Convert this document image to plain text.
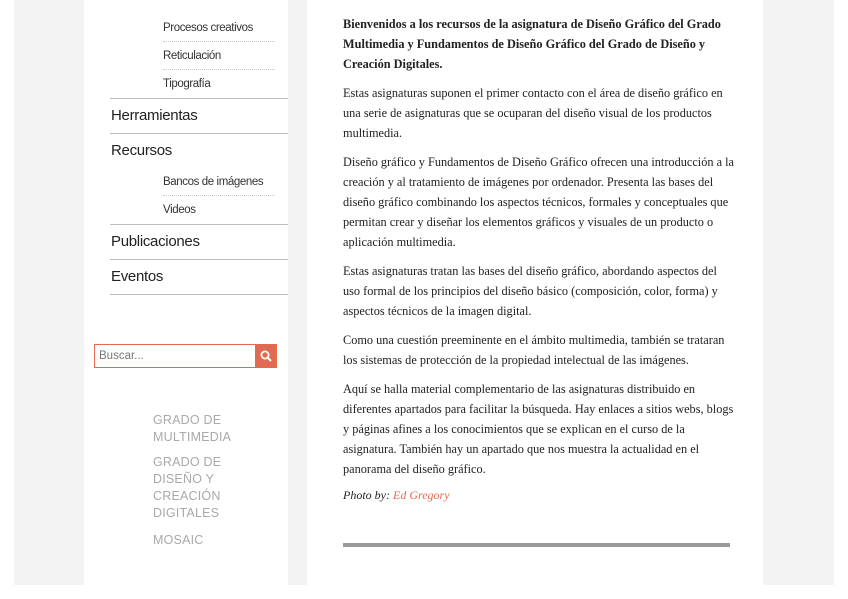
Procesos creativos
Reticulación
Tipografía
Herramientas
Recursos
Bancos de imágenes
Videos
Publicaciones
Eventos
Buscar...
GRADO DE MULTIMEDIA
GRADO DE DISEÑO Y CREACIÓN DIGITALES
MOSAIC

Bienvenidos a los recursos de la asignatura de Diseño Gráfico del Grado Multimedia y Fundamentos de Diseño Gráfico del Grado de Diseño y Creación Digitales.

Estas asignaturas suponen el primer contacto con el área de diseño gráfico en una serie de asignaturas que se ocuparan del diseño visual de los productos multimedia.

Diseño gráfico y Fundamentos de Diseño Gráfico ofrecen una introducción a la creación y al tratamiento de imágenes por ordenador. Presenta las bases del diseño gráfico combinando los aspectos técnicos, formales y conceptuales que permitan crear y diseñar los elementos gráficos y visuales de un producto o aplicación multimedia.

Estas asignaturas tratan las bases del diseño gráfico, abordando aspectos del uso formal de los principios del diseño básico (composición, color, forma) y aspectos técnicos de la imagen digital.

Como una cuestión preeminente en el ámbito multimedia, también se trataran los sistemas de protección de la propiedad intelectual de las imágenes.

Aquí se halla material complementario de las asignaturas distribuido en diferentes apartados para facilitar la búsqueda. Hay enlaces a sitios webs, blogs y páginas afines a los conocimientos que se explican en el curso de la asignatura. También hay un apartado que nos muestra la actualidad en el panorama del diseño gráfico.

Photo by: Ed Gregory
